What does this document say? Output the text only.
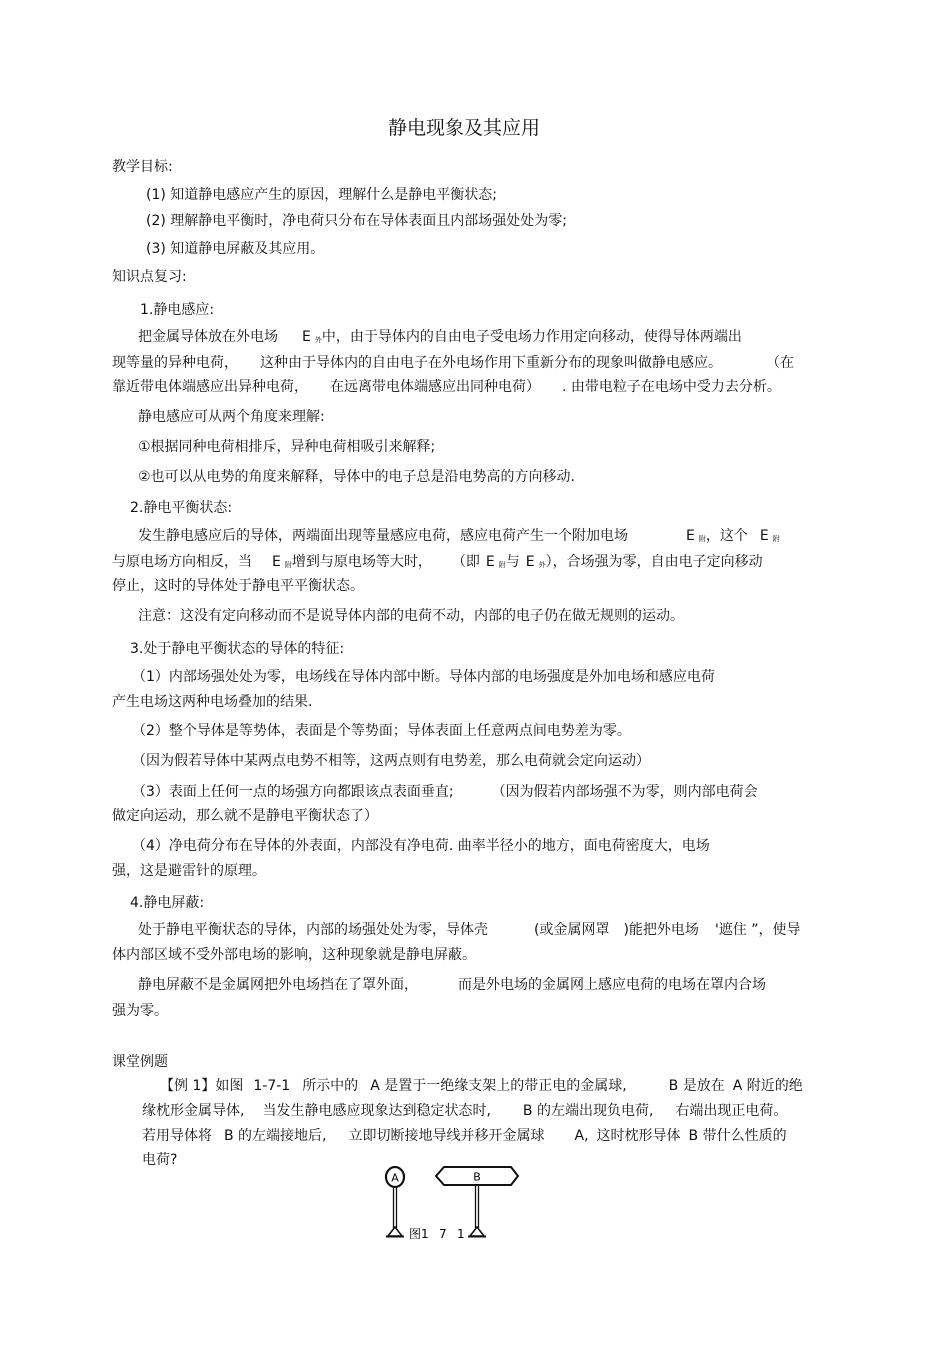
静电现象及其应用
教学目标:
(1) 知道静电感应产生的原因，理解什么是静电平衡状态;
(2) 理解静电平衡时，净电荷只分布在导体表面且内部场强处处为零;
(3) 知道静电屏蔽及其应用。
知识点复习:
1.静电感应:
把金属导体放在外电场 E 外中，由于导体内的自由电子受电场力作用定向移动，使得导体两端出
现等量的异种电荷， 这种由于导体内的自由电子在外电场作用下重新分布的现象叫做静电感应。	（在
靠近带电体端感应出异种电荷， 在远离带电体端感应出同种电荷） . 由带电粒子在电场中受力去分析。
静电感应可从两个角度来理解:
①根据同种电荷相排斥，异种电荷相吸引来解释;
②也可以从电势的角度来解释，导体中的电子总是沿电势高的方向移动.
2.静电平衡状态:
发生静电感应后的导体，两端面出现等量感应电荷，感应电荷产生一个附加电场	E 附，这个 E 附
与原电场方向相反，当 E 附增到与原电场等大时， （即 E 附与 E 外），合场强为零，自由电子定向移动
停止，这时的导体处于静电平平衡状态。
注意：这没有定向移动而不是说导体内部的电荷不动，内部的电子仍在做无规则的运动。
3.处于静电平衡状态的导体的特征:
（1）内部场强处处为零，电场线在导体内部中断。导体内部的电场强度是外加电场和感应电荷
产生电场这两种电场叠加的结果.
（2）整个导体是等势体，表面是个等势面；导体表面上任意两点间电势差为零。
（因为假若导体中某两点电势不相等，这两点则有电势差，那么电荷就会定向运动）
（3）表面上任何一点的场强方向都跟该点表面垂直;	（因为假若内部场强不为零，则内部电荷会
做定向运动，那么就不是静电平衡状态了）
（4）净电荷分布在导体的外表面，内部没有净电荷. 曲率半径小的地方，面电荷密度大，电场
强，这是避雷针的原理。
4.静电屏蔽:
处于静电平衡状态的导体，内部的场强处处为零，导体壳	(或金属网罩 )能把外电场 '遮住 ”，使导
体内部区域不受外部电场的影响，这种现象就是静电屏蔽。
静电屏蔽不是金属网把外电场挡在了罩外面，	而是外电场的金属网上感应电荷的电场在罩内合场
强为零。
课堂例题
【例 1】如图 1-7-1 所示中的 A 是置于一绝缘支架上的带正电的金属球,	B 是放在 A 附近的绝
缘枕形金属导体, 当发生静电感应现象达到稳定状态时, B 的左端出现负电荷, 右端出现正电荷。
若用导体将 B 的左端接地后, 立即切断接地导线并移开金属球 A, 这时枕形导体 B 带什么性质的
电荷?
A	B
图1 7 1
